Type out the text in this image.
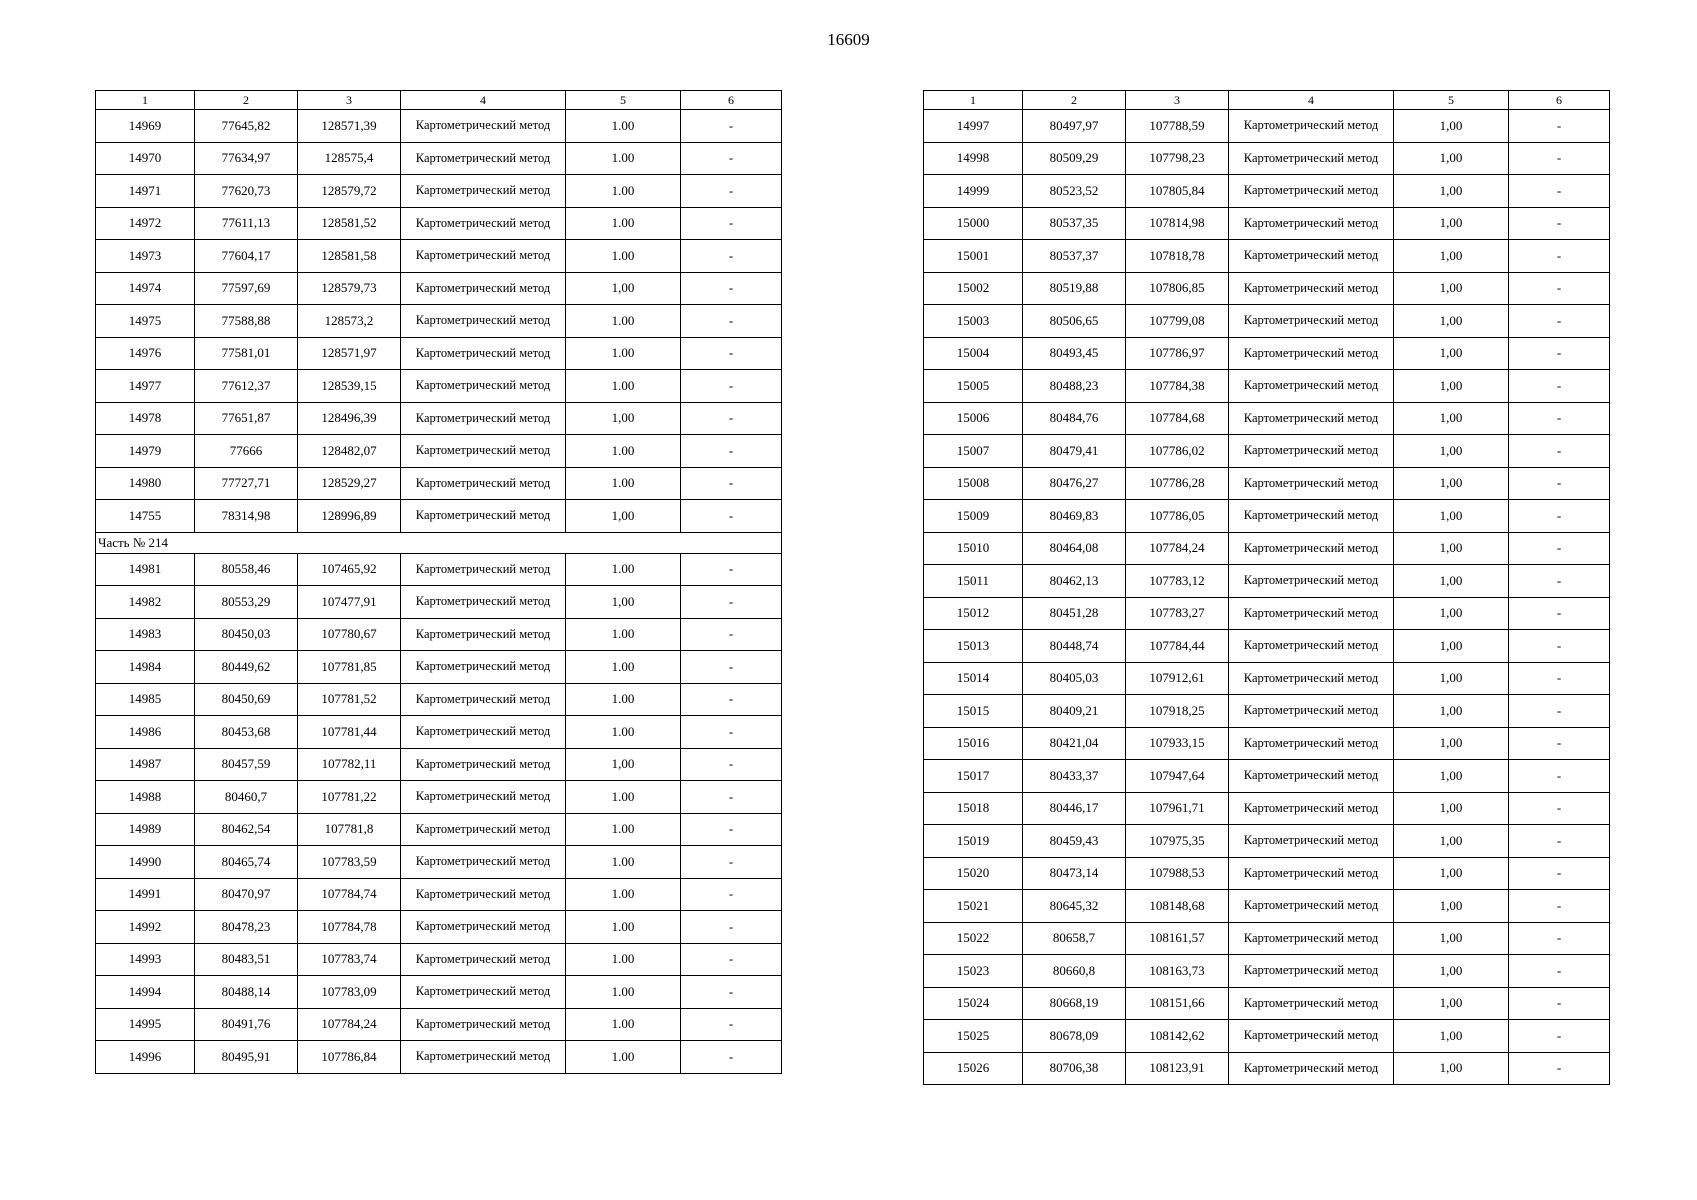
16609
1	2	3	4	5	6
14969	77645,82	128571,39	Картометрический метод	1.00	-
14970	77634,97	128575,4	Картометрический метод	1.00	-
14971	77620,73	128579,72	Картометрический метод	1.00	-
14972	77611,13	128581,52	Картометрический метод	1.00	-
14973	77604,17	128581,58	Картометрический метод	1.00	-
14974	77597,69	128579,73	Картометрический метод	1,00	-
14975	77588,88	128573,2	Картометрический метод	1.00	-
14976	77581,01	128571,97	Картометрический метод	1.00	-
14977	77612,37	128539,15	Картометрический метод	1.00	-
14978	77651,87	128496,39	Картометрический метод	1,00	-
14979	77666	128482,07	Картометрический метод	1.00	-
14980	77727,71	128529,27	Картометрический метод	1.00	-
14755	78314,98	128996,89	Картометрический метод	1,00	-
Часть № 214					
14981	80558,46	107465,92	Картометрический метод	1.00	-
14982	80553,29	107477,91	Картометрический метод	1,00	-
14983	80450,03	107780,67	Картометрический метод	1.00	-
14984	80449,62	107781,85	Картометрический метод	1.00	-
14985	80450,69	107781,52	Картометрический метод	1.00	-
14986	80453,68	107781,44	Картометрический метод	1.00	-
14987	80457,59	107782,11	Картометрический метод	1,00	-
14988	80460,7	107781,22	Картометрический метод	1.00	-
14989	80462,54	107781,8	Картометрический метод	1.00	-
14990	80465,74	107783,59	Картометрический метод	1.00	-
14991	80470,97	107784,74	Картометрический метод	1.00	-
14992	80478,23	107784,78	Картометрический метод	1.00	-
14993	80483,51	107783,74	Картометрический метод	1.00	-
14994	80488,14	107783,09	Картометрический метод	1.00	-
14995	80491,76	107784,24	Картометрический метод	1.00	-
14996	80495,91	107786,84	Картометрический метод	1.00	-
1	2	3	4	5	6
14997	80497,97	107788,59	Картометрический метод	1,00	-
14998	80509,29	107798,23	Картометрический метод	1,00	-
14999	80523,52	107805,84	Картометрический метод	1,00	-
15000	80537,35	107814,98	Картометрический метод	1,00	-
15001	80537,37	107818,78	Картометрический метод	1,00	-
15002	80519,88	107806,85	Картометрический метод	1,00	-
15003	80506,65	107799,08	Картометрический метод	1,00	-
15004	80493,45	107786,97	Картометрический метод	1,00	-
15005	80488,23	107784,38	Картометрический метод	1,00	-
15006	80484,76	107784,68	Картометрический метод	1,00	-
15007	80479,41	107786,02	Картометрический метод	1,00	-
15008	80476,27	107786,28	Картометрический метод	1,00	-
15009	80469,83	107786,05	Картометрический метод	1,00	-
15010	80464,08	107784,24	Картометрический метод	1,00	-
15011	80462,13	107783,12	Картометрический метод	1,00	-
15012	80451,28	107783,27	Картометрический метод	1,00	-
15013	80448,74	107784,44	Картометрический метод	1,00	-
15014	80405,03	107912,61	Картометрический метод	1,00	-
15015	80409,21	107918,25	Картометрический метод	1,00	-
15016	80421,04	107933,15	Картометрический метод	1,00	-
15017	80433,37	107947,64	Картометрический метод	1,00	-
15018	80446,17	107961,71	Картометрический метод	1,00	-
15019	80459,43	107975,35	Картометрический метод	1,00	-
15020	80473,14	107988,53	Картометрический метод	1,00	-
15021	80645,32	108148,68	Картометрический метод	1,00	-
15022	80658,7	108161,57	Картометрический метод	1,00	-
15023	80660,8	108163,73	Картометрический метод	1,00	-
15024	80668,19	108151,66	Картометрический метод	1,00	-
15025	80678,09	108142,62	Картометрический метод	1,00	-
15026	80706,38	108123,91	Картометрический метод	1,00	-
